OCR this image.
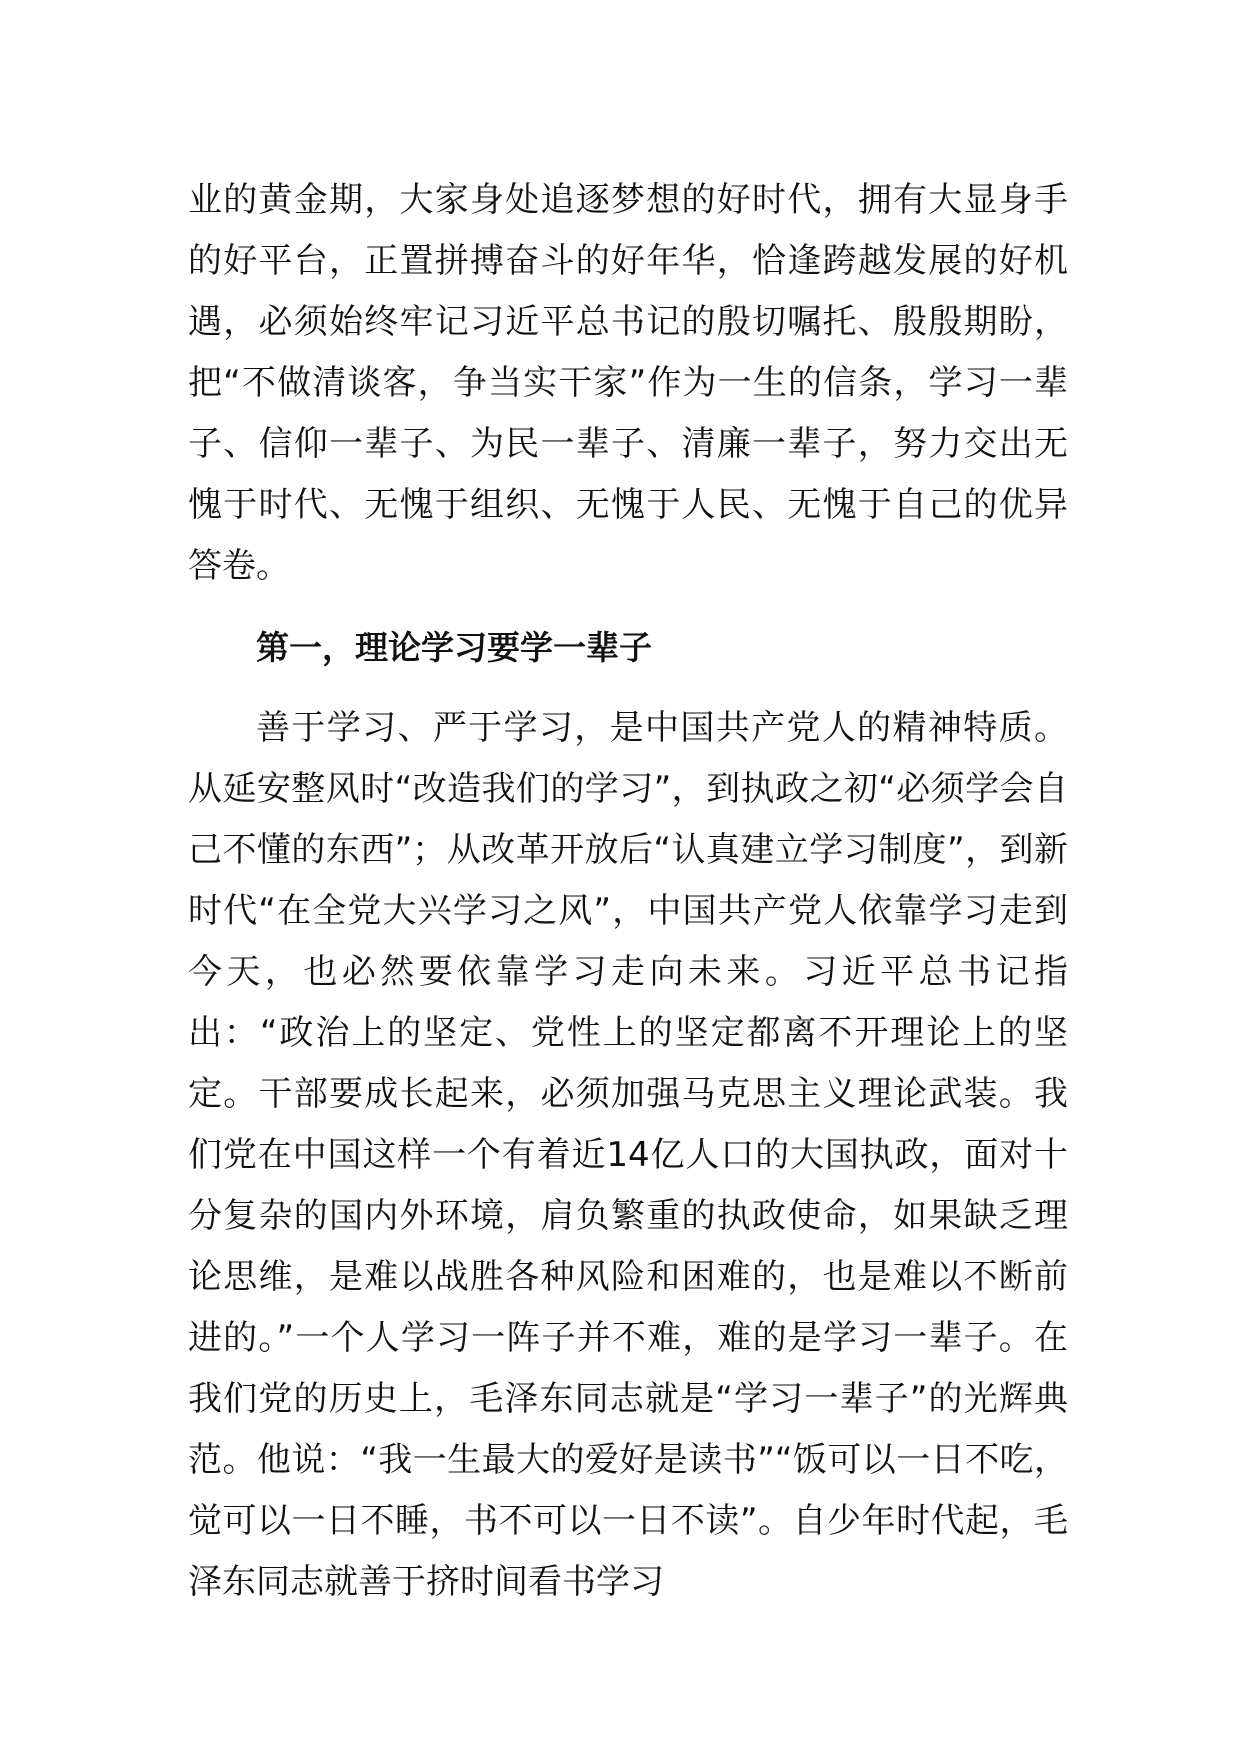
业的黄金期，大家身处追逐梦想的好时代，拥有大显身手的好平台，正置拼搏奋斗的好年华，恰逢跨越发展的好机遇，必须始终牢记习近平总书记的殷切嘱托、殷殷期盼，把“不做清谈客，争当实干家”作为一生的信条，学习一辈子、信仰一辈子、为民一辈子、清廉一辈子，努力交出无愧于时代、无愧于组织、无愧于人民、无愧于自己的优异答卷。

第一，理论学习要学一辈子

善于学习、严于学习，是中国共产党人的精神特质。从延安整风时“改造我们的学习”，到执政之初“必须学会自己不懂的东西”；从改革开放后“认真建立学习制度”，到新时代“在全党大兴学习之风”，中国共产党人依靠学习走到今天，也必然要依靠学习走向未来。习近平总书记指出：“政治上的坚定、党性上的坚定都离不开理论上的坚定。干部要成长起来，必须加强马克思主义理论武装。我们党在中国这样一个有着近14亿人口的大国执政，面对十分复杂的国内外环境，肩负繁重的执政使命，如果缺乏理论思维，是难以战胜各种风险和困难的，也是难以不断前进的。”一个人学习一阵子并不难，难的是学习一辈子。在我们党的历史上，毛泽东同志就是“学习一辈子”的光辉典范。他说：“我一生最大的爱好是读书”“饭可以一日不吃，觉可以一日不睡，书不可以一日不读”。自少年时代起，毛泽东同志就善于挤时间看书学习
